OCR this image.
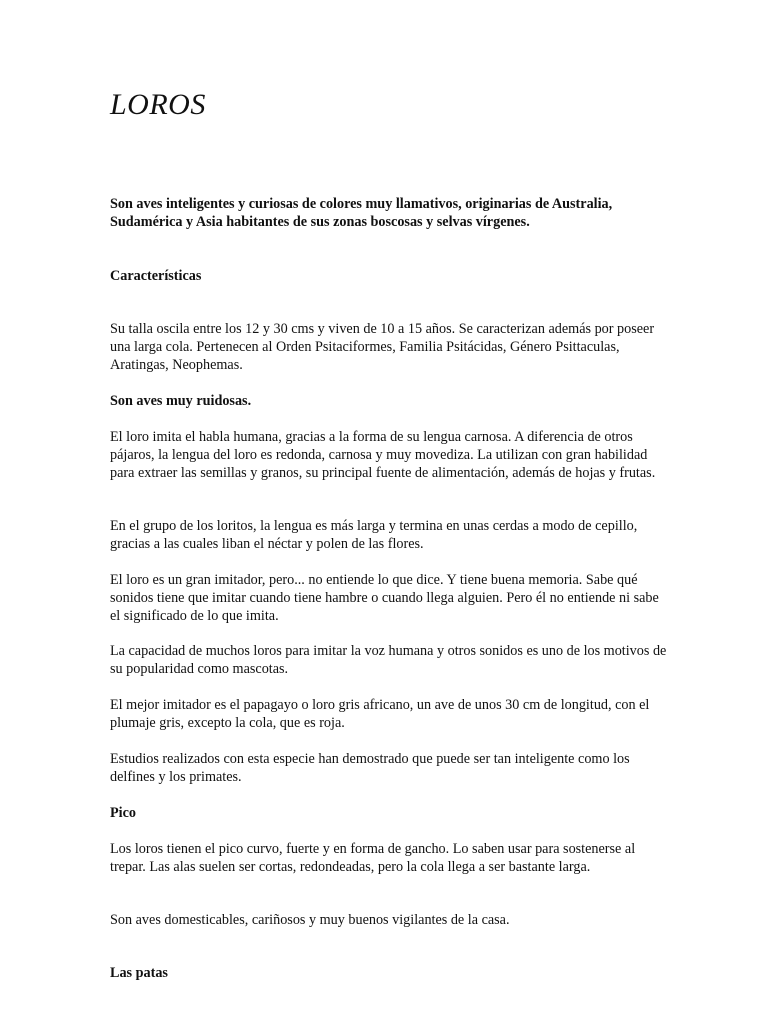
LOROS

Son aves inteligentes y curiosas de colores muy llamativos, originarias de Australia, Sudamérica y Asia habitantes de sus zonas boscosas y selvas vírgenes.

Características

Su talla oscila entre los 12 y 30 cms y viven de 10 a 15 años. Se caracterizan además por poseer una larga cola. Pertenecen al Orden Psitaciformes, Familia Psitácidas, Género Psittaculas, Aratingas, Neophemas.

Son aves muy ruidosas.

El loro imita el habla humana, gracias a la forma de su lengua carnosa. A diferencia de otros pájaros, la lengua del loro es redonda, carnosa y muy movediza. La utilizan con gran habilidad para extraer las semillas y granos, su principal fuente de alimentación, además de hojas y frutas.

En el grupo de los loritos, la lengua es más larga y termina en unas cerdas a modo de cepillo, gracias a las cuales liban el néctar y polen de las flores.

El loro es un gran imitador, pero... no entiende lo que dice. Y tiene buena memoria. Sabe qué sonidos tiene que imitar cuando tiene hambre o cuando llega alguien. Pero él no entiende ni sabe el significado de lo que imita.

La capacidad de muchos loros para imitar la voz humana y otros sonidos es uno de los motivos de su popularidad como mascotas.

El mejor imitador es el papagayo o loro gris africano, un ave de unos 30 cm de longitud, con el plumaje gris, excepto la cola, que es roja.

Estudios realizados con esta especie han demostrado que puede ser tan inteligente como los delfines y los primates.

Pico

Los loros tienen el pico curvo, fuerte y en forma de gancho. Lo saben usar para sostenerse al trepar. Las alas suelen ser cortas, redondeadas, pero la cola llega a ser bastante larga.

Son aves domesticables, cariñosos y muy buenos vigilantes de la casa.

Las patas
